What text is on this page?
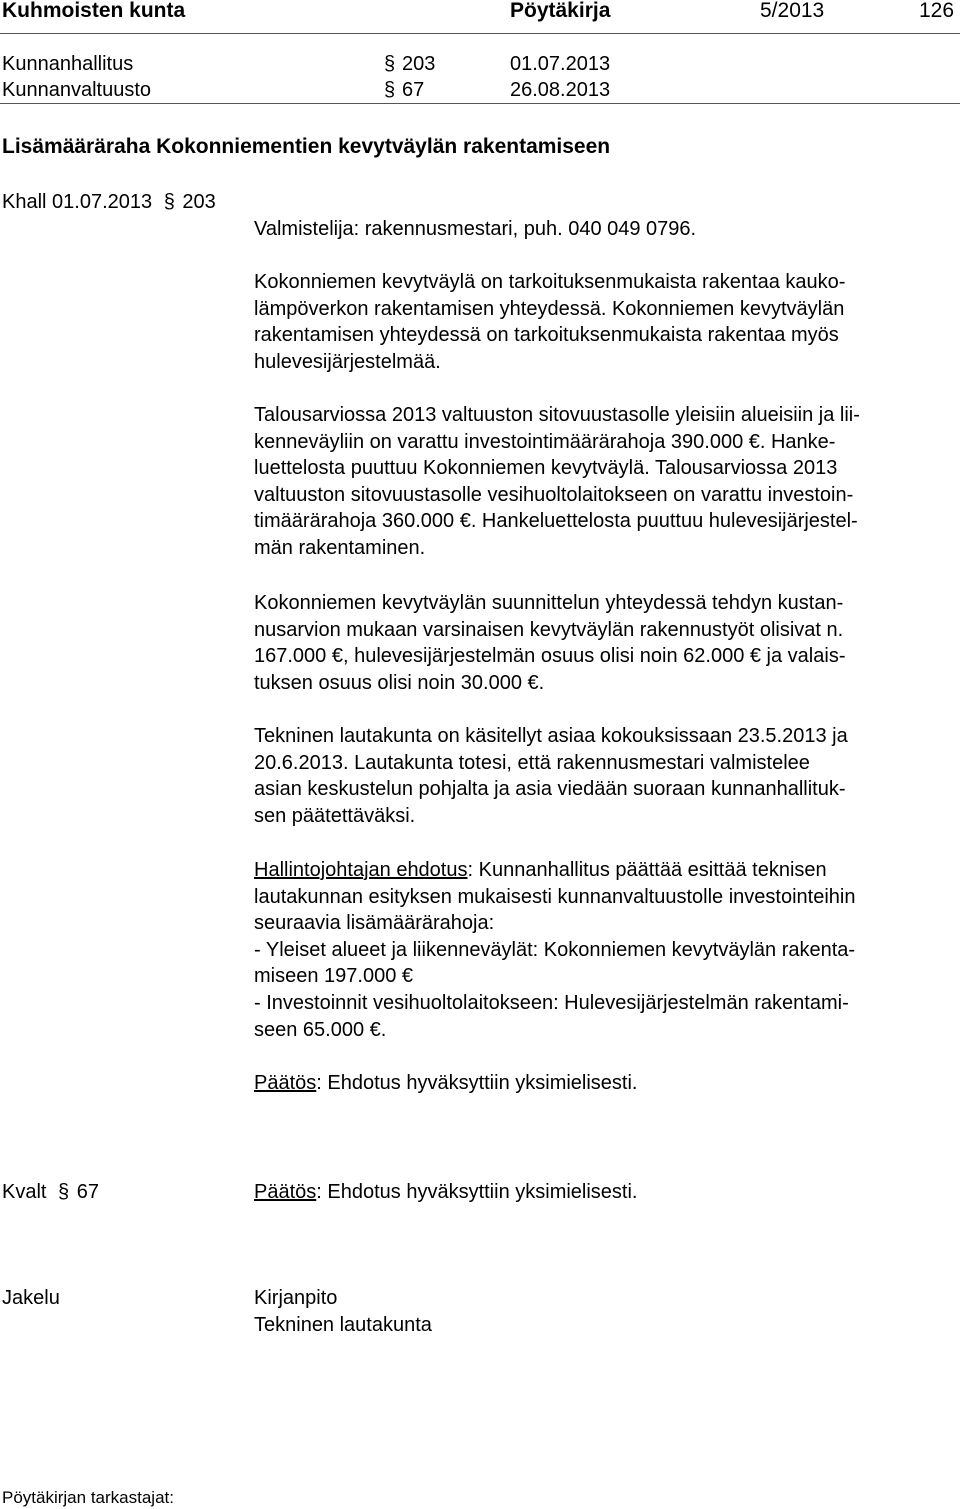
Kuhmoisten kunta	Pöytäkirja	5/2013	126
Kunnanhallitus	§ 203	01.07.2013
Kunnanvaltuusto	§ 67	26.08.2013
Lisämääräraha Kokonniementien kevytväylän rakentamiseen
Khall 01.07.2013 § 203
Valmistelija: rakennusmestari, puh. 040 049 0796.
Kokonniemen kevytväylä on tarkoituksenmukaista rakentaa kauko-
lämpöverkon rakentamisen yhteydessä. Kokonniemen kevytväylän
rakentamisen yhteydessä on tarkoituksenmukaista rakentaa myös
hulevesijärjestelmää.
Talousarviossa 2013 valtuuston sitovuustasolle yleisiin alueisiin ja lii-
kenneväyliin on varattu investointimäärärahoja 390.000 €. Hanke-
luettelosta puuttuu Kokonniemen kevytväylä. Talousarviossa 2013
valtuuston sitovuustasolle vesihuoltolaitokseen on varattu investoin-
timäärärahoja 360.000 €. Hankeluettelosta puuttuu hulevesijärjestel-
män rakentaminen.
Kokonniemen kevytväylän suunnittelun yhteydessä tehdyn kustan-
nusarvion mukaan varsinaisen kevytväylän rakennustyöt olisivat n.
167.000 €, hulevesijärjestelmän osuus olisi noin 62.000 € ja valais-
tuksen osuus olisi noin 30.000 €.
Tekninen lautakunta on käsitellyt asiaa kokouksissaan 23.5.2013 ja
20.6.2013. Lautakunta totesi, että rakennusmestari valmistelee
asian keskustelun pohjalta ja asia viedään suoraan kunnanhallituk-
sen päätettäväksi.
Hallintojohtajan ehdotus: Kunnanhallitus päättää esittää teknisen
lautakunnan esityksen mukaisesti kunnanvaltuustolle investointeihin
seuraavia lisämäärärahoja:
- Yleiset alueet ja liikenneväylät: Kokonniemen kevytväylän rakenta-
miseen 197.000 €
- Investoinnit vesihuoltolaitokseen: Hulevesijärjestelmän rakentami-
seen 65.000 €.
Päätös: Ehdotus hyväksyttiin yksimielisesti.
Kvalt § 67	Päätös: Ehdotus hyväksyttiin yksimielisesti.
Jakelu	Kirjanpito
Tekninen lautakunta
Pöytäkirjan tarkastajat:
